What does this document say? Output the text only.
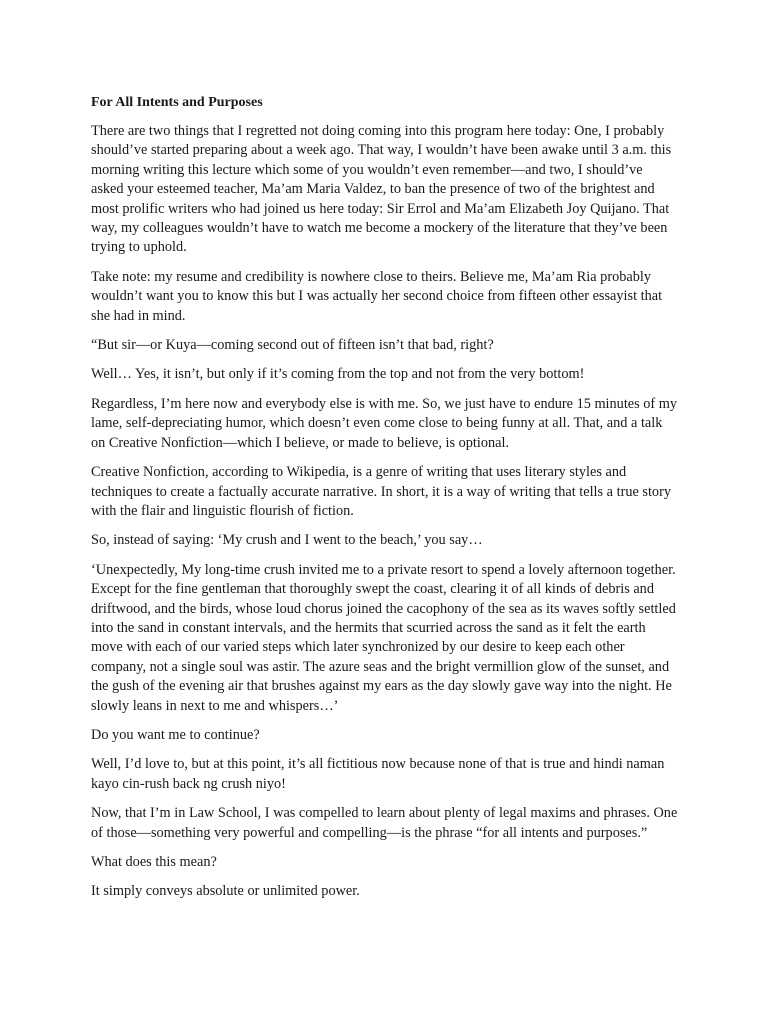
For All Intents and Purposes

There are two things that I regretted not doing coming into this program here today: One, I probably should’ve started preparing about a week ago. That way, I wouldn’t have been awake until 3 a.m. this morning writing this lecture which some of you wouldn’t even remember—and two, I should’ve asked your esteemed teacher, Ma’am Maria Valdez, to ban the presence of two of the brightest and most prolific writers who had joined us here today: Sir Errol and Ma’am Elizabeth Joy Quijano. That way, my colleagues wouldn’t have to watch me become a mockery of the literature that they’ve been trying to uphold.

Take note: my resume and credibility is nowhere close to theirs. Believe me, Ma’am Ria probably wouldn’t want you to know this but I was actually her second choice from fifteen other essayist that she had in mind.

“But sir—or Kuya—coming second out of fifteen isn’t that bad, right?

Well… Yes, it isn’t, but only if it’s coming from the top and not from the very bottom!

Regardless, I’m here now and everybody else is with me. So, we just have to endure 15 minutes of my lame, self-depreciating humor, which doesn’t even come close to being funny at all. That, and a talk on Creative Nonfiction—which I believe, or made to believe, is optional.

Creative Nonfiction, according to Wikipedia, is a genre of writing that uses literary styles and techniques to create a factually accurate narrative. In short, it is a way of writing that tells a true story with the flair and linguistic flourish of fiction.

So, instead of saying: ‘My crush and I went to the beach,’ you say…

‘Unexpectedly, My long-time crush invited me to a private resort to spend a lovely afternoon together. Except for the fine gentleman that thoroughly swept the coast, clearing it of all kinds of debris and driftwood, and the birds, whose loud chorus joined the cacophony of the sea as its waves softly settled into the sand in constant intervals, and the hermits that scurried across the sand as it felt the earth move with each of our varied steps which later synchronized by our desire to keep each other company, not a single soul was astir. The azure seas and the bright vermillion glow of the sunset, and the gush of the evening air that brushes against my ears as the day slowly gave way into the night. He slowly leans in next to me and whispers…’

Do you want me to continue?

Well, I’d love to, but at this point, it’s all fictitious now because none of that is true and hindi naman kayo cin-rush back ng crush niyo!

Now, that I’m in Law School, I was compelled to learn about plenty of legal maxims and phrases. One of those—something very powerful and compelling—is the phrase “for all intents and purposes.”

What does this mean?

It simply conveys absolute or unlimited power.
